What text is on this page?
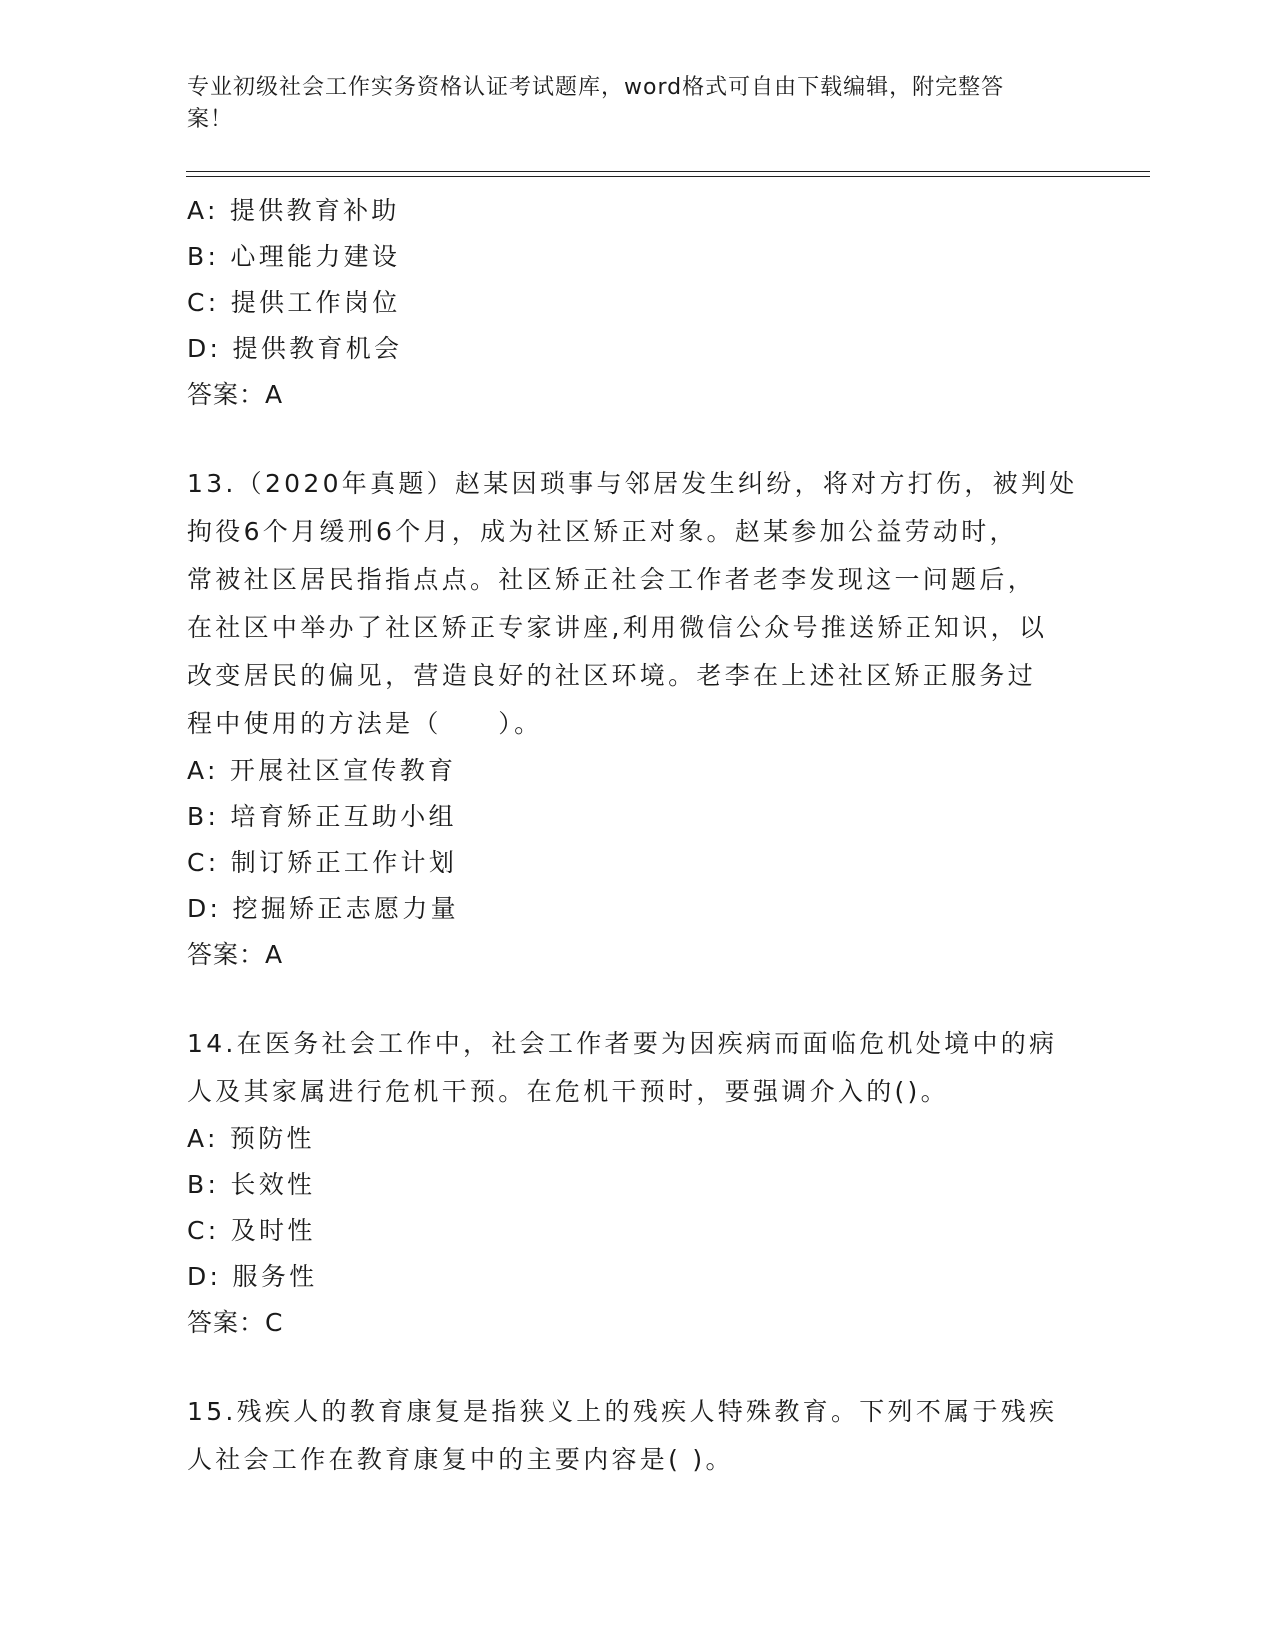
专业初级社会工作实务资格认证考试题库，word格式可自由下载编辑，附完整答
案！
A: 提供教育补助
B: 心理能力建设
C: 提供工作岗位
D: 提供教育机会
答案：A
13.（2020年真题）赵某因琐事与邻居发生纠纷，将对方打伤，被判处
拘役6个月缓刑6个月，成为社区矫正对象。赵某参加公益劳动时，
常被社区居民指指点点。社区矫正社会工作者老李发现这一问题后，
在社区中举办了社区矫正专家讲座,利用微信公众号推送矫正知识，以
改变居民的偏见，营造良好的社区环境。老李在上述社区矫正服务过
程中使用的方法是（　　）。
A: 开展社区宣传教育
B: 培育矫正互助小组
C: 制订矫正工作计划
D: 挖掘矫正志愿力量
答案：A
14.在医务社会工作中，社会工作者要为因疾病而面临危机处境中的病
人及其家属进行危机干预。在危机干预时，要强调介入的()。
A: 预防性
B: 长效性
C: 及时性
D: 服务性
答案：C
15.残疾人的教育康复是指狭义上的残疾人特殊教育。下列不属于残疾
人社会工作在教育康复中的主要内容是( )。
